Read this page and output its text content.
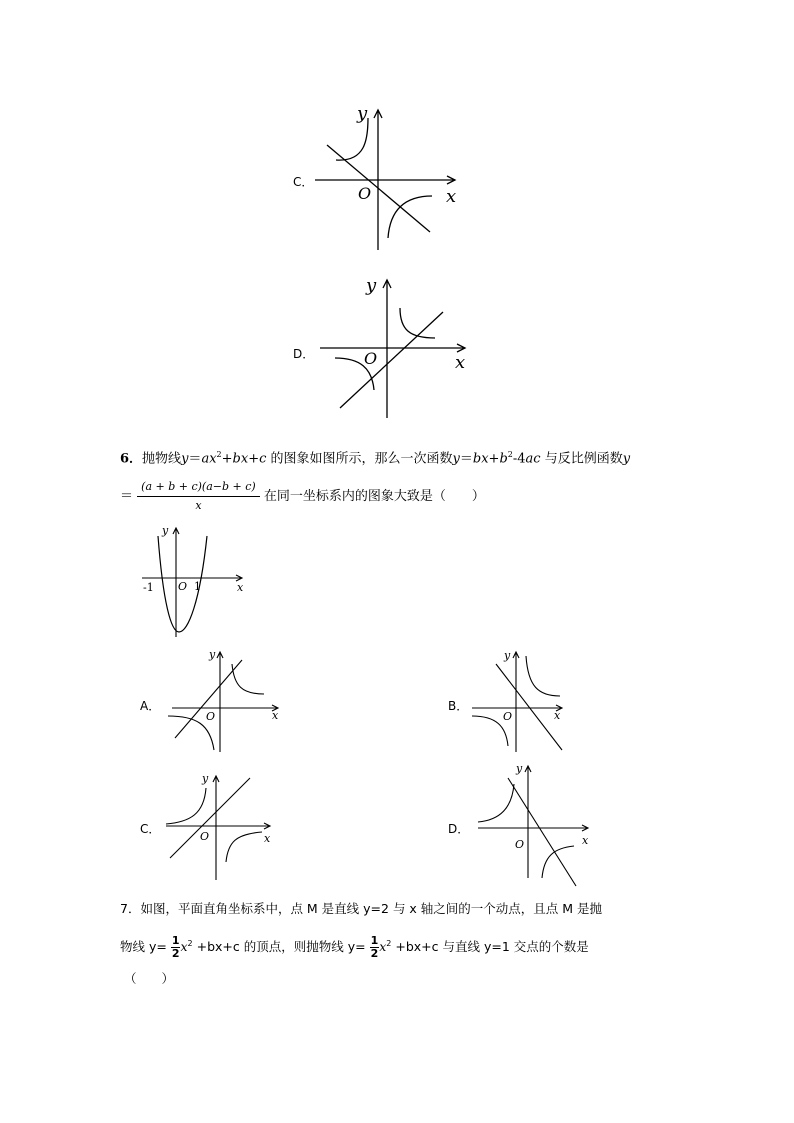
C．
y
x
O
D．
y
x
O
6．抛物线$y=ax^2+bx+c$ 的图象如图所示，那么一次函数$y=bx+b^2-4ac$ 与反比例函数y
＝ $\frac{(a + b + c)(a-b + c)}{x}$ 在同一坐标系内的图象大致是（　　）
y
x
O
-1	1
A．
y
x
O
B．
y
x
O
C．
y
x
O
D．
y
x
O
7．如图，平面直角坐标系中，点 M 是直线 y=2 与 x 轴之间的一个动点，且点 M 是抛
物线 $y= \frac{1}{2} x^2 +bx+c$ 的顶点，则抛物线 $y= \frac{1}{2} x^2 +bx+c$ 与直线 y=1 交点的个数是
（　　）
